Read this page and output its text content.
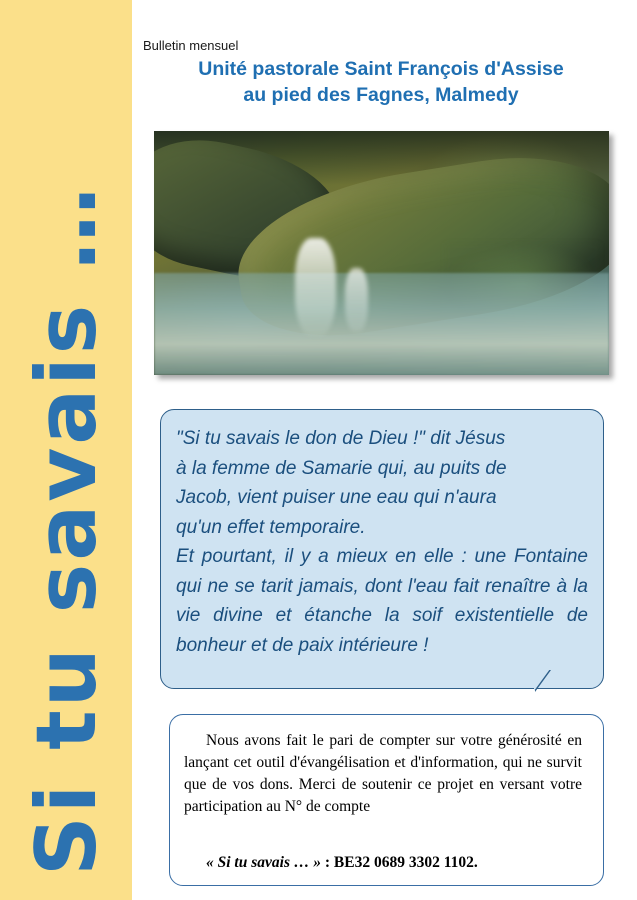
Si tu savais …
Bulletin mensuel
Unité pastorale Saint François d'Assise
au pied des Fagnes, Malmedy

"Si tu savais le don de Dieu !" dit Jésus

à la femme de Samarie qui, au puits de

Jacob, vient puiser une eau qui n'aura

qu'un effet temporaire.

Et pourtant, il y a mieux en elle : une Fontaine qui ne se tarit jamais, dont l'eau fait renaître à la vie divine et étanche la soif existentielle de bonheur et de paix intérieure !

Nous avons fait le pari de compter sur votre générosité en lançant cet outil d'évangélisation et d'information, qui ne survit que de vos dons. Merci de soutenir ce projet en versant votre participation au N° de compte

« Si tu savais … » : BE32 0689 3302 1102.
